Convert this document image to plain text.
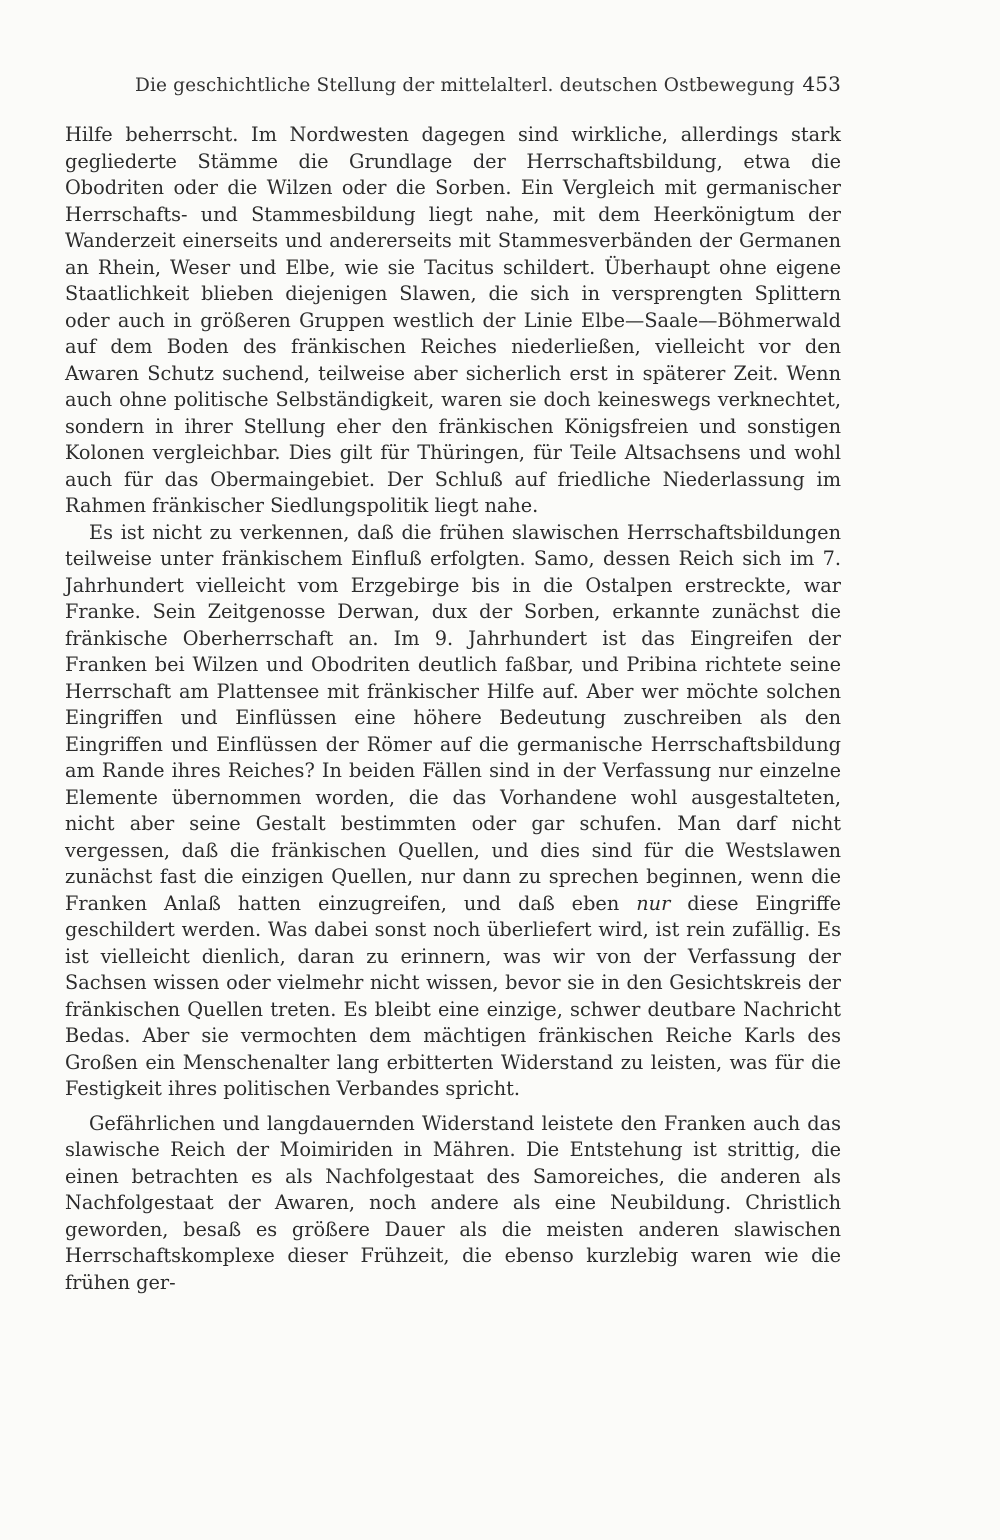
Die geschichtliche Stellung der mittelalterl. deutschen Ostbewegung 453

Hilfe beherrscht. Im Nordwesten dagegen sind wirkliche, allerdings stark gegliederte Stämme die Grundlage der Herrschaftsbildung, etwa die Obodriten oder die Wilzen oder die Sorben. Ein Vergleich mit germanischer Herrschafts- und Stammesbildung liegt nahe, mit dem Heerkönigtum der Wanderzeit einerseits und andererseits mit Stammesverbänden der Germanen an Rhein, Weser und Elbe, wie sie Tacitus schildert. Überhaupt ohne eigene Staatlichkeit blieben diejenigen Slawen, die sich in versprengten Splittern oder auch in größeren Gruppen westlich der Linie Elbe—Saale—Böhmerwald auf dem Boden des fränkischen Reiches niederließen, vielleicht vor den Awaren Schutz suchend, teilweise aber sicherlich erst in späterer Zeit. Wenn auch ohne politische Selbständigkeit, waren sie doch keineswegs verknechtet, sondern in ihrer Stellung eher den fränkischen Königsfreien und sonstigen Kolonen vergleichbar. Dies gilt für Thüringen, für Teile Altsachsens und wohl auch für das Obermaingebiet. Der Schluß auf friedliche Niederlassung im Rahmen fränkischer Siedlungspolitik liegt nahe.

Es ist nicht zu verkennen, daß die frühen slawischen Herrschaftsbildungen teilweise unter fränkischem Einfluß erfolgten. Samo, dessen Reich sich im 7. Jahrhundert vielleicht vom Erzgebirge bis in die Ostalpen erstreckte, war Franke. Sein Zeitgenosse Derwan, dux der Sorben, erkannte zunächst die fränkische Oberherrschaft an. Im 9. Jahrhundert ist das Eingreifen der Franken bei Wilzen und Obodriten deutlich faßbar, und Pribina richtete seine Herrschaft am Plattensee mit fränkischer Hilfe auf. Aber wer möchte solchen Eingriffen und Einflüssen eine höhere Bedeutung zuschreiben als den Eingriffen und Einflüssen der Römer auf die germanische Herrschaftsbildung am Rande ihres Reiches? In beiden Fällen sind in der Verfassung nur einzelne Elemente übernommen worden, die das Vorhandene wohl ausgestalteten, nicht aber seine Gestalt bestimmten oder gar schufen. Man darf nicht vergessen, daß die fränkischen Quellen, und dies sind für die Westslawen zunächst fast die einzigen Quellen, nur dann zu sprechen beginnen, wenn die Franken Anlaß hatten einzugreifen, und daß eben nur diese Eingriffe geschildert werden. Was dabei sonst noch überliefert wird, ist rein zufällig. Es ist vielleicht dienlich, daran zu erinnern, was wir von der Verfassung der Sachsen wissen oder vielmehr nicht wissen, bevor sie in den Gesichtskreis der fränkischen Quellen treten. Es bleibt eine einzige, schwer deutbare Nachricht Bedas. Aber sie vermochten dem mächtigen fränkischen Reiche Karls des Großen ein Menschenalter lang erbitterten Widerstand zu leisten, was für die Festigkeit ihres politischen Verbandes spricht.

Gefährlichen und langdauernden Widerstand leistete den Franken auch das slawische Reich der Moimiriden in Mähren. Die Entstehung ist strittig, die einen betrachten es als Nachfolgestaat des Samoreiches, die anderen als Nachfolgestaat der Awaren, noch andere als eine Neubildung. Christlich geworden, besaß es größere Dauer als die meisten anderen slawischen Herrschaftskomplexe dieser Frühzeit, die ebenso kurzlebig waren wie die frühen ger-
